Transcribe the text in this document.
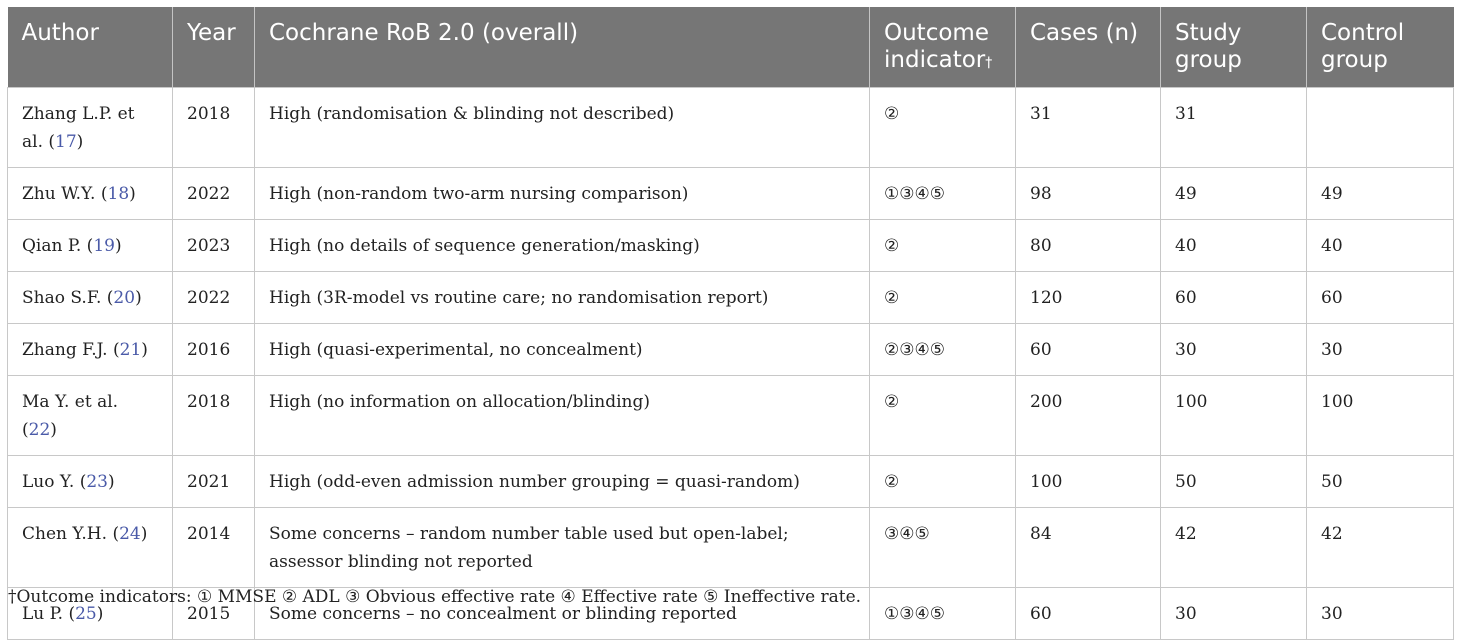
Author	Year	Cochrane RoB 2.0 (overall)	Outcome indicator†	Cases (n)	Study group	Control group
Zhang L.P. et al. (17)	2018	High (randomisation & blinding not described)	②	31	31	
Zhu W.Y. (18)	2022	High (non-random two-arm nursing comparison)	①③④⑤	98	49	49
Qian P. (19)	2023	High (no details of sequence generation/masking)	②	80	40	40
Shao S.F. (20)	2022	High (3R-model vs routine care; no randomisation report)	②	120	60	60
Zhang F.J. (21)	2016	High (quasi-experimental, no concealment)	②③④⑤	60	30	30
Ma Y. et al. (22)	2018	High (no information on allocation/blinding)	②	200	100	100
Luo Y. (23)	2021	High (odd-even admission number grouping = quasi-random)	②	100	50	50
Chen Y.H. (24)	2014	Some concerns – random number table used but open-label; assessor blinding not reported	③④⑤	84	42	42
Lu P. (25)	2015	Some concerns – no concealment or blinding reported	①③④⑤	60	30	30
†Outcome indicators: ① MMSE ② ADL ③ Obvious effective rate ④ Effective rate ⑤ Ineffective rate.
